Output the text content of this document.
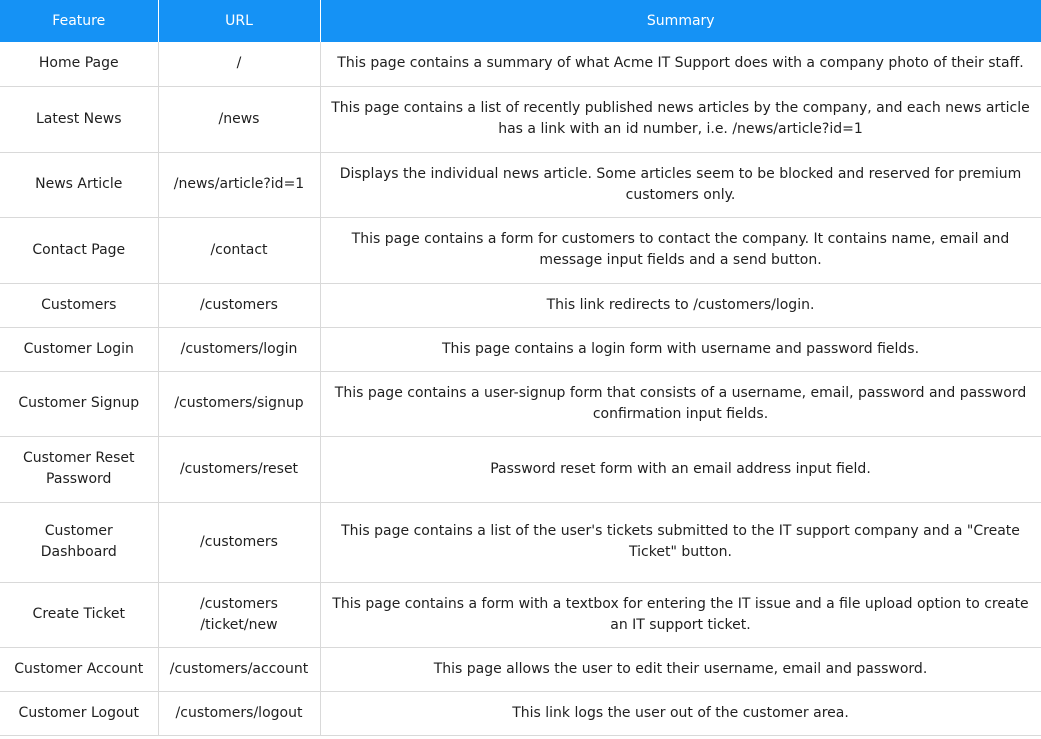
Feature	URL	Summary
Home Page	/	This page contains a summary of what Acme IT Support does with a company photo of their staff.
Latest News	/news	This page contains a list of recently published news articles by the company, and each news article has a link with an id number, i.e. /news/article?id=1
News Article	/news/article?id=1	Displays the individual news article. Some articles seem to be blocked and reserved for premium customers only.
Contact Page	/contact	This page contains a form for customers to contact the company. It contains name, email and message input fields and a send button.
Customers	/customers	This link redirects to /customers/login.
Customer Login	/customers/login	This page contains a login form with username and password fields.
Customer Signup	/customers/signup	This page contains a user-signup form that consists of a username, email, password and password confirmation input fields.
Customer Reset Password	/customers/reset	Password reset form with an email address input field.
Customer Dashboard	/customers	This page contains a list of the user's tickets submitted to the IT support company and a "Create Ticket" button.
Create Ticket	/customers /ticket/new	This page contains a form with a textbox for entering the IT issue and a file upload option to create an IT support ticket.
Customer Account	/customers/account	This page allows the user to edit their username, email and password.
Customer Logout	/customers/logout	This link logs the user out of the customer area.
